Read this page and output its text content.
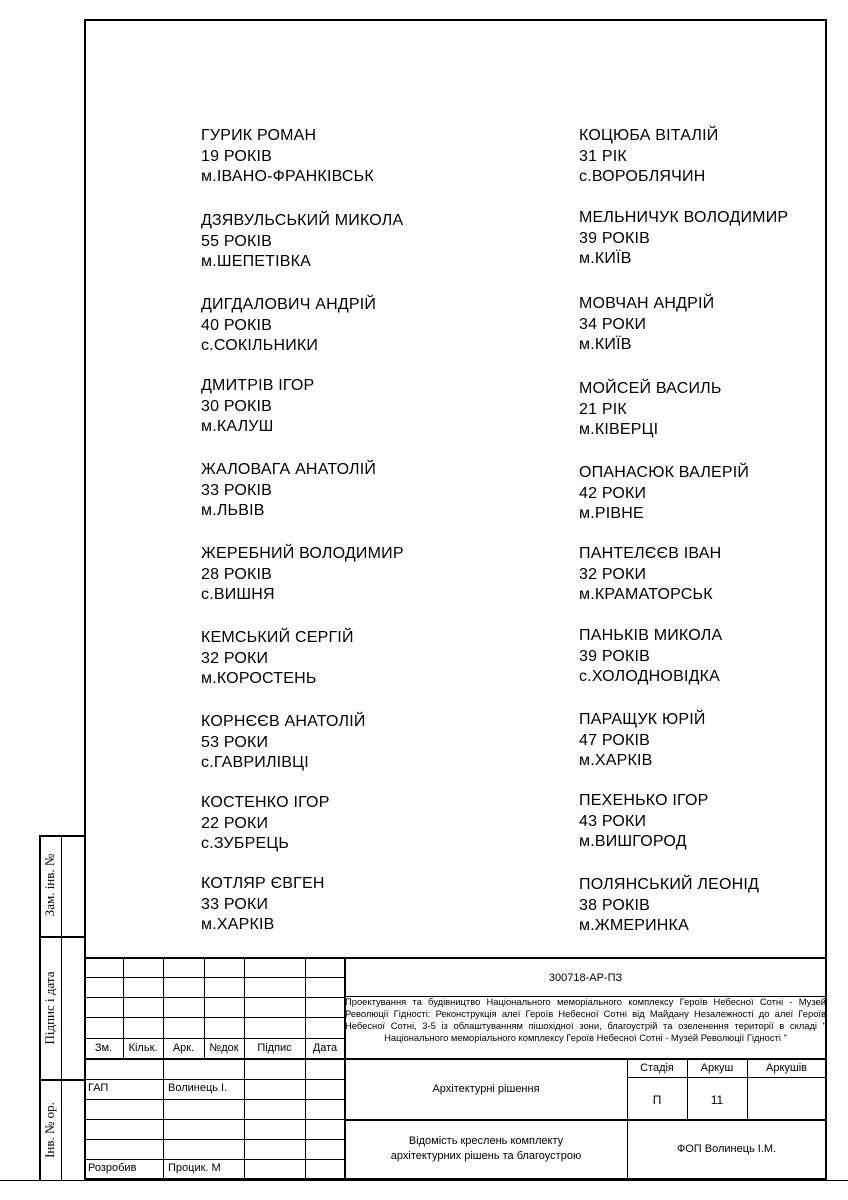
ГУРИК РОМАН
19 РОКІВ
м.ІВАНО-ФРАНКІВСЬК
ДЗЯВУЛЬСЬКИЙ МИКОЛА
55 РОКІВ
м.ШЕПЕТІВКА
ДИГДАЛОВИЧ АНДРІЙ
40 РОКІВ
с.СОКІЛЬНИКИ
ДМИТРІВ ІГОР
30 РОКІВ
м.КАЛУШ
ЖАЛОВАГА АНАТОЛІЙ
33 РОКІВ
м.ЛЬВІВ
ЖЕРЕБНИЙ ВОЛОДИМИР
28 РОКІВ
с.ВИШНЯ
КЕМСЬКИЙ СЕРГІЙ
32 РОКИ
м.КОРОСТЕНЬ
КОРНЄЄВ АНАТОЛІЙ
53 РОКИ
с.ГАВРИЛІВЦІ
КОСТЕНКО ІГОР
22 РОКИ
с.ЗУБРЕЦЬ
КОТЛЯР ЄВГЕН
33 РОКИ
м.ХАРКІВ
КОЦЮБА ВІТАЛІЙ
31 РІК
с.ВОРОБЛЯЧИН
МЕЛЬНИЧУК ВОЛОДИМИР
39 РОКІВ
м.КИЇВ
МОВЧАН АНДРІЙ
34 РОКИ
м.КИЇВ
МОЙСЕЙ ВАСИЛЬ
21 РІК
м.КІВЕРЦІ
ОПАНАСЮК ВАЛЕРІЙ
42 РОКИ
м.РІВНЕ
ПАНТЕЛЄЄВ ІВАН
32 РОКИ
м.КРАМАТОРСЬК
ПАНЬКІВ МИКОЛА
39 РОКІВ
с.ХОЛОДНОВІДКА
ПАРАЩУК ЮРІЙ
47 РОКІВ
м.ХАРКІВ
ПЕХЕНЬКО ІГОР
43 РОКИ
м.ВИШГОРОД
ПОЛЯНСЬКИЙ ЛЕОНІД
38 РОКІВ
м.ЖМЕРИНКА
Зам. інв. №
Підпис і дата
Інв. № ор.
Зм.	Кільк.	Арк.	№док	Підпис	Дата
ГАП	Волинець І.
Розробив	Процик. М
300718-АР-ПЗ
Проектування та будівництво Національного меморіального комплексу Героїв Небесної Сотні - Музей Революції Гідності: Реконструкція алеї Героїв Небесної Сотні від Майдану Незалежності до алеї Героїв Небесної Сотні, 3-5 із облаштуванням пішохідної зони, благоустрій та озеленення території в складі " Національного меморіального комплексу Героїв Небесної Сотні - Музей Революції Гідності "
Архітектурні рішення
Стадія	Аркуш	Аркушів
П	11
Відомість креслень комплекту
архітектурних рішень та благоустрою
ФОП Волинець І.М.
